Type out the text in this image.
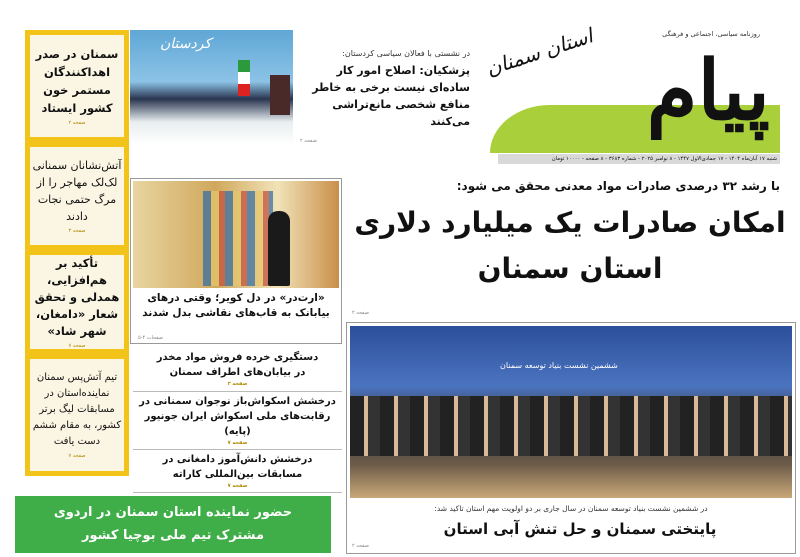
روزنامه سیاسی، اجتماعی و فرهنگی
پیام
استان سمنان
شنبه ۱۷ آبان‌ماه ۱۴۰۴ - ۱۷ جمادی‌الاول ۱۴۴۷ - ۸ نوامبر ۲۰۲۵ - شماره ۳۶۸۳ - ۸ صفحه - ۱۰۰۰۰ تومان
کردستان
در نشستی با فعالان سیاسی کردستان:
پزشکیان: اصلاح امور کار ساده‌ای نیست برخی به خاطر منافع شخصی مانع‌تراشی می‌کنند
صفحه ۲
با رشد ۳۲ درصدی صادرات مواد معدنی محقق می شود:
امکان صادرات یک میلیارد دلاری
استان سمنان
صفحه ۲
«ارت‌در» در دل کویر؛ وقتی درهای بیابانک به قاب‌های نقاشی بدل شدند
صفحات ۴-۵
دستگیری خرده فروش مواد مخدر در بیابان‌های اطراف سمنان
صفحه ۳
درخشش اسکواش‌باز نوجوان سمنانی در رقابت‌های ملی اسکواش ایران جونیور (پایه)
صفحه ۷
درخشش دانش‌آموز دامغانی در مسابقات بین‌المللی کاراته
صفحه ۷
سمنان در صدر اهداکنندگان مستمر خون کشور ایستاد
صفحه ۲
آتش‌نشانان سمنانی لک‌لک مهاجر را از مرگ حتمی نجات دادند
صفحه ۳
تأکید بر هم‌افزایی، همدلی و تحقق شعار «دامغان، شهر شاد»
صفحه ۷
تیم آتش‌پس سمنان نماینده‌استان در مسابقات لیگ برتر کشور، به مقام ششم دست یافت
صفحه ۷
حضور نماینده استان سمنان در اردوی
مشترک تیم ملی بوچیا کشور
ششمین نشست بنیاد توسعه سمنان
در ششمین نشست بنیاد توسعه سمنان در سال جاری بر دو اولویت مهم استان تاکید شد:
پایتختی سمنان و حل تنش آبی استان
صفحه ۲
